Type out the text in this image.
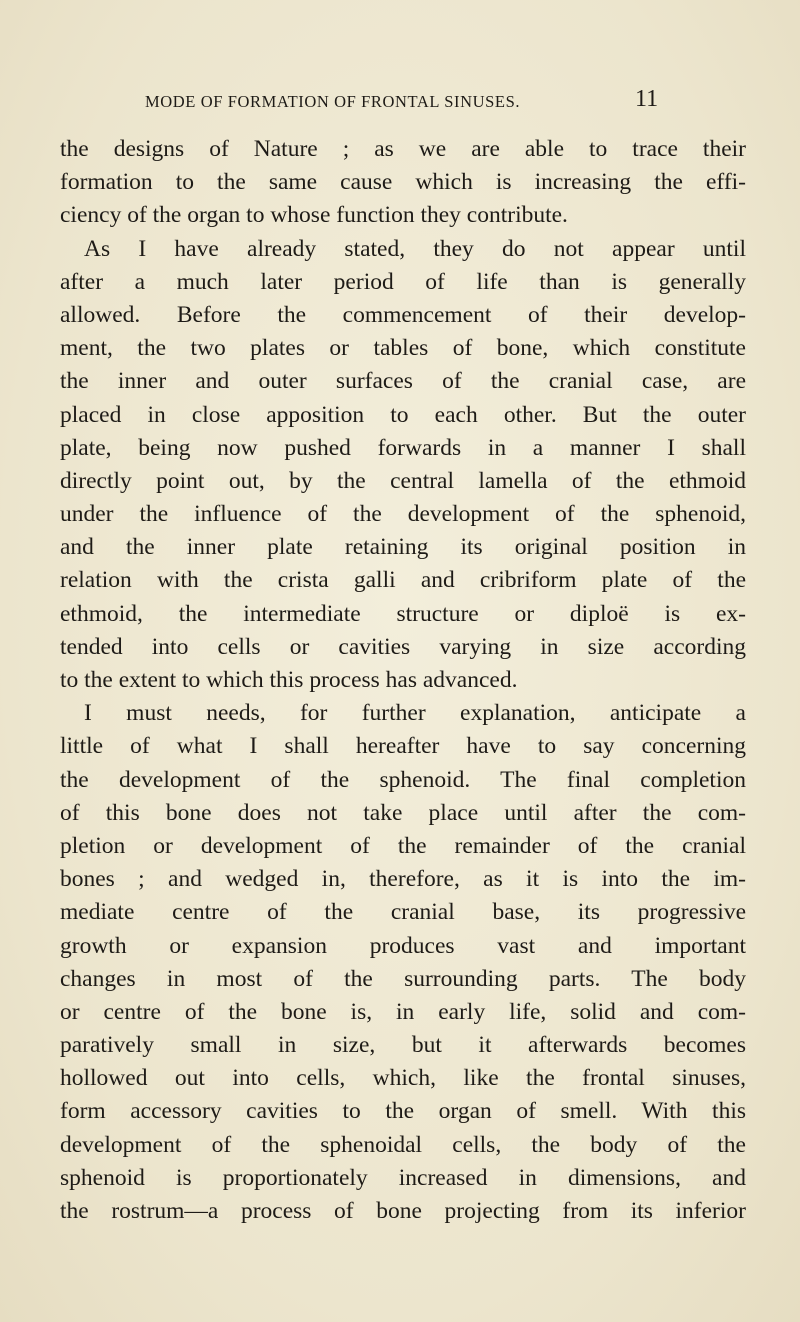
MODE OF FORMATION OF FRONTAL SINUSES.	11
the designs of Nature ; as we are able to trace their
formation to the same cause which is increasing the effi-
ciency of the organ to whose function they contribute.
As I have already stated, they do not appear until
after a much later period of life than is generally
allowed. Before the commencement of their develop-
ment, the two plates or tables of bone, which constitute
the inner and outer surfaces of the cranial case, are
placed in close apposition to each other. But the outer
plate, being now pushed forwards in a manner I shall
directly point out, by the central lamella of the ethmoid
under the influence of the development of the sphenoid,
and the inner plate retaining its original position in
relation with the crista galli and cribriform plate of the
ethmoid, the intermediate structure or diploë is ex-
tended into cells or cavities varying in size according
to the extent to which this process has advanced.
I must needs, for further explanation, anticipate a
little of what I shall hereafter have to say concerning
the development of the sphenoid. The final completion
of this bone does not take place until after the com-
pletion or development of the remainder of the cranial
bones ; and wedged in, therefore, as it is into the im-
mediate centre of the cranial base, its progressive
growth or expansion produces vast and important
changes in most of the surrounding parts. The body
or centre of the bone is, in early life, solid and com-
paratively small in size, but it afterwards becomes
hollowed out into cells, which, like the frontal sinuses,
form accessory cavities to the organ of smell. With this
development of the sphenoidal cells, the body of the
sphenoid is proportionately increased in dimensions, and
the rostrum—a process of bone projecting from its inferior
